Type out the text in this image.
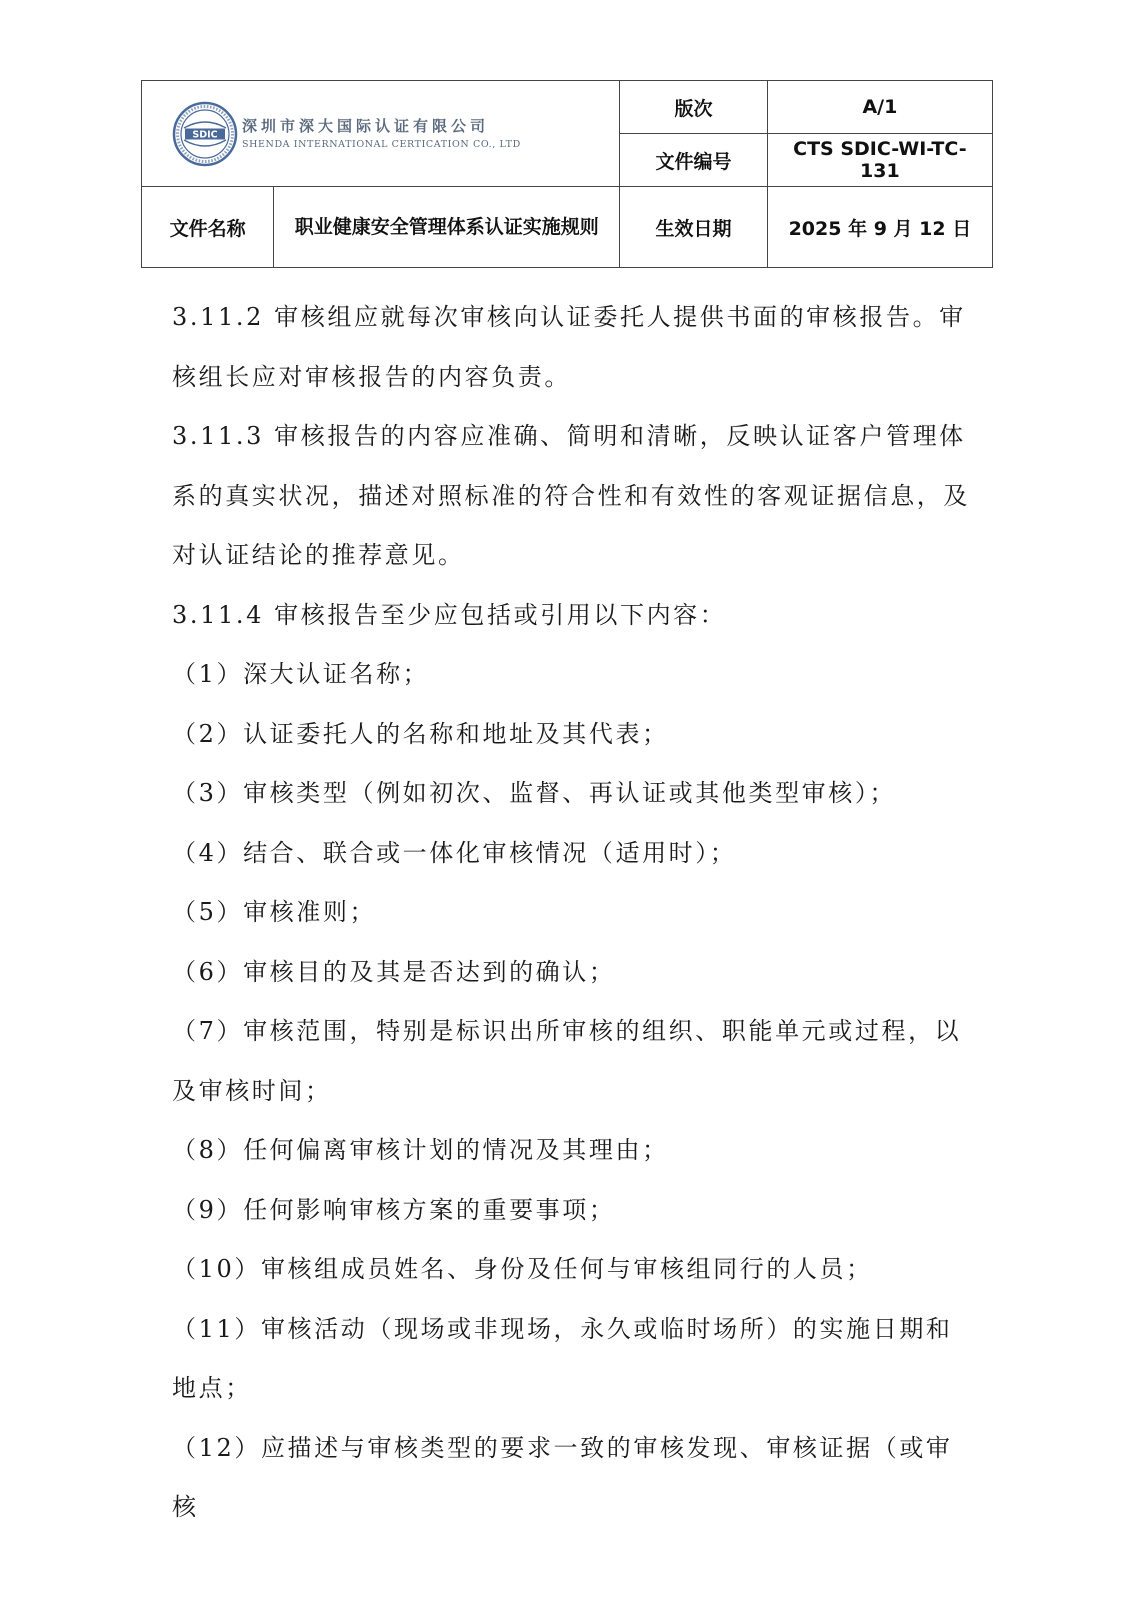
SDIC 深圳市深大国际认证有限公司
SHENDA INTERNATIONAL CERTICATION CO., LTD		版次	A/1
		文件编号	CTS SDIC-WI-TC-131
文件名称	职业健康安全管理体系认证实施规则	生效日期	2025 年 9 月 12 日

3.11.2 审核组应就每次审核向认证委托人提供书面的审核报告。审核组长应对审核报告的内容负责。

3.11.3 审核报告的内容应准确、简明和清晰，反映认证客户管理体系的真实状况，描述对照标准的符合性和有效性的客观证据信息，及对认证结论的推荐意见。

3.11.4 审核报告至少应包括或引用以下内容：

（1）深大认证名称；

（2）认证委托人的名称和地址及其代表；

（3）审核类型（例如初次、监督、再认证或其他类型审核）；

（4）结合、联合或一体化审核情况（适用时）；

（5）审核准则；

（6）审核目的及其是否达到的确认；

（7）审核范围，特别是标识出所审核的组织、职能单元或过程，以及审核时间；

（8）任何偏离审核计划的情况及其理由；

（9）任何影响审核方案的重要事项；

（10）审核组成员姓名、身份及任何与审核组同行的人员；

（11）审核活动（现场或非现场，永久或临时场所）的实施日期和地点；

（12）应描述与审核类型的要求一致的审核发现、审核证据（或审核
